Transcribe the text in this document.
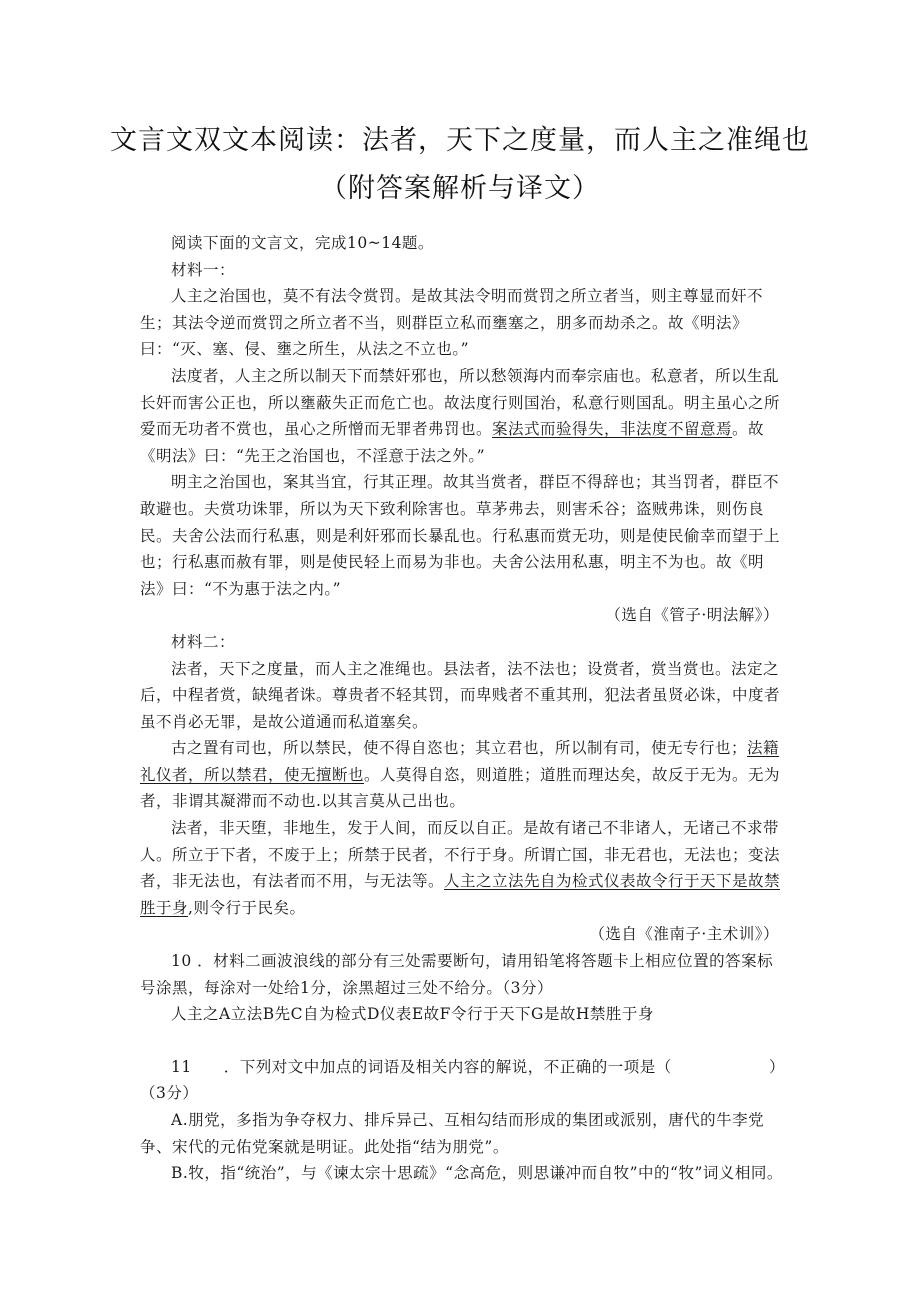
文言文双文本阅读：法者，天下之度量，而人主之准绳也
（附答案解析与译文）

阅读下面的文言文，完成10~14题。

材料一：

人主之治国也，莫不有法令赏罚。是故其法令明而赏罚之所立者当，则主尊显而奸不生；其法令逆而赏罚之所立者不当，则群臣立私而壅塞之，朋多而劫杀之。故《明法》曰：“灭、塞、侵、壅之所生，从法之不立也。”

法度者，人主之所以制天下而禁奸邪也，所以愁领海内而奉宗庙也。私意者，所以生乱长奸而害公正也，所以壅蔽失正而危亡也。故法度行则国治，私意行则国乱。明主虽心之所爱而无功者不赏也，虽心之所憎而无罪者弗罚也。案法式而验得失，非法度不留意焉。故《明法》曰：“先王之治国也，不淫意于法之外。”

明主之治国也，案其当宜，行其正理。故其当赏者，群臣不得辞也；其当罚者，群臣不敢避也。夫赏功诛罪，所以为天下致利除害也。草茅弗去，则害禾谷；盗贼弗诛，则伤良民。夫舍公法而行私惠，则是利奸邪而长暴乱也。行私惠而赏无功，则是使民偷幸而望于上也；行私惠而赦有罪，则是使民轻上而易为非也。夫舍公法用私惠，明主不为也。故《明法》曰：“不为惠于法之内。”

（选自《管子·明法解》）

材料二：

法者，天下之度量，而人主之准绳也。县法者，法不法也；设赏者，赏当赏也。法定之后，中程者赏，缺绳者诛。尊贵者不轻其罚，而卑贱者不重其刑，犯法者虽贤必诛，中度者虽不肖必无罪，是故公道通而私道塞矣。

古之置有司也，所以禁民，使不得自恣也；其立君也，所以制有司，使无专行也；法籍礼仪者，所以禁君，使无擅断也。人莫得自恣，则道胜；道胜而理达矣，故反于无为。无为者，非谓其凝滞而不动也.以其言莫从己出也。

法者，非天堕，非地生，发于人间，而反以自正。是故有诸己不非诸人，无诸己不求带人。所立于下者，不废于上；所禁于民者，不行于身。所谓亡国，非无君也，无法也；变法者，非无法也，有法者而不用，与无法等。人主之立法先自为检式仪表故令行于天下是故禁胜于身,则令行于民矣。

（选自《淮南子·主术训》）

10 ．材料二画波浪线的部分有三处需要断句，请用铅笔将答题卡上相应位置的答案标号涂黑，每涂对一处给1分，涂黑超过三处不给分。（3分）

人主之A立法B先C自为检式D仪表E故F令行于天下G是故H禁胜于身

11　　．下列对文中加点的词语及相关内容的解说，不正确的一项是（	）

（3分）

A.朋党，多指为争夺权力、排斥异己、互相勾结而形成的集团或派别，唐代的牛李党争、宋代的元佑党案就是明证。此处指“结为朋党”。

B.牧，指“统治”，与《谏太宗十思疏》“念高危，则思谦冲而自牧”中的“牧”词义相同。
